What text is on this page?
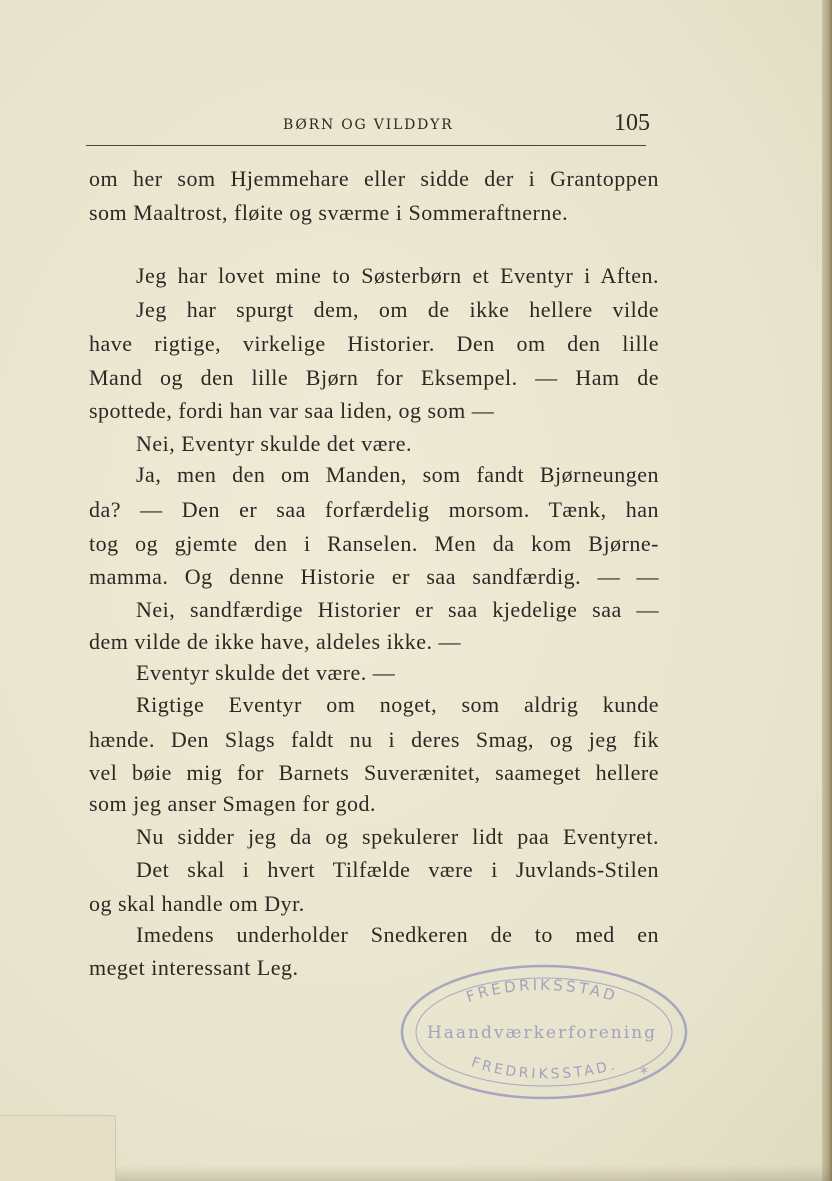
BØRN OG VILDDYR	105
om her som Hjemmehare eller sidde der i Grantoppen
som Maaltrost, fløite og sværme i Sommeraftnerne.
Jeg har lovet mine to Søsterbørn et Eventyr i Aften.
Jeg har spurgt dem, om de ikke hellere vilde
have rigtige, virkelige Historier. Den om den lille
Mand og den lille Bjørn for Eksempel. — Ham de
spottede, fordi han var saa liden, og som —
Nei, Eventyr skulde det være.
Ja, men den om Manden, som fandt Bjørneungen
da? — Den er saa forfærdelig morsom. Tænk, han
tog og gjemte den i Ranselen. Men da kom Bjørne-
mamma. Og denne Historie er saa sandfærdig. — —
Nei, sandfærdige Historier er saa kjedelige saa —
dem vilde de ikke have, aldeles ikke. —
Eventyr skulde det være. —
Rigtige Eventyr om noget, som aldrig kunde
hænde. Den Slags faldt nu i deres Smag, og jeg fik
vel bøie mig for Barnets Suverænitet, saameget hellere
som jeg anser Smagen for god.
Nu sidder jeg da og spekulerer lidt paa Eventyret.
Det skal i hvert Tilfælde være i Juvlands-Stilen
og skal handle om Dyr.
Imedens underholder Snedkeren de to med en
meget interessant Leg.
FREDRIKSSTAD
Haandværkerforening
FREDRIKSSTAD. *
